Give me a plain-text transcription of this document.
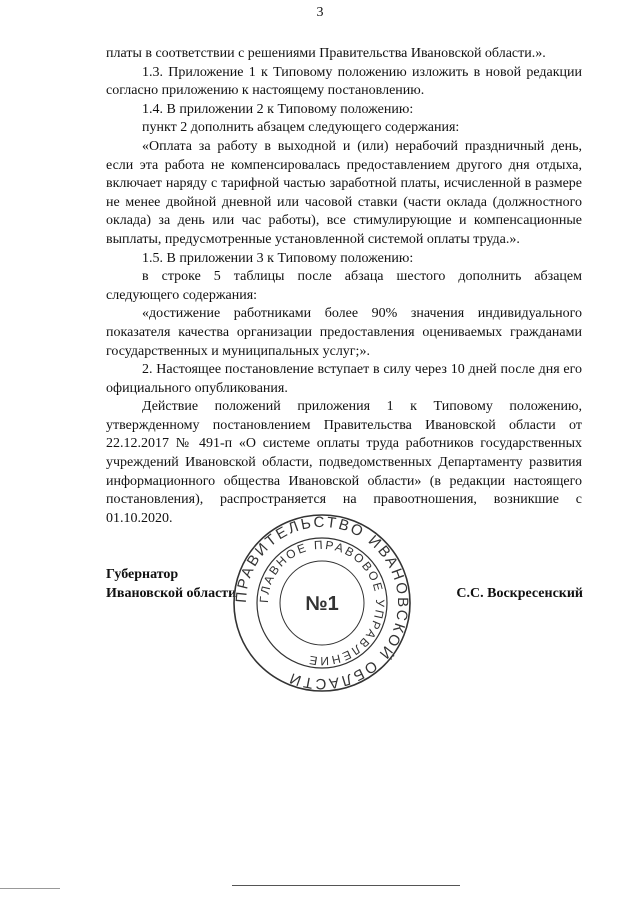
3

платы в соответствии с решениями Правительства Ивановской области.».

1.3. Приложение 1 к Типовому положению изложить в новой редакции согласно приложению к настоящему постановлению.

1.4. В приложении 2 к Типовому положению:

пункт 2 дополнить абзацем следующего содержания:

«Оплата за работу в выходной и (или) нерабочий праздничный день, если эта работа не компенсировалась предоставлением другого дня отдыха, включает наряду с тарифной частью заработной платы, исчисленной в размере не менее двойной дневной или часовой ставки (части оклада (должностного оклада) за день или час работы), все стимулирующие и компенсационные выплаты, предусмотренные установленной системой оплаты труда.».

1.5. В приложении 3 к Типовому положению:

в строке 5 таблицы после абзаца шестого дополнить абзацем следующего содержания:

«достижение работниками более 90% значения индивидуального показателя качества организации предоставления оцениваемых гражданами государственных и муниципальных услуг;».

2. Настоящее постановление вступает в силу через 10 дней после дня его официального опубликования.

Действие положений приложения 1 к Типовому положению, утвержденному постановлением Правительства Ивановской области от 22.12.2017 № 491-п «О системе оплаты труда работников государственных учреждений Ивановской области, подведомственных Департаменту развития информационного общества Ивановской области» (в редакции настоящего постановления), распространяется на правоотношения, возникшие с 01.10.2020.

Губернатор
Ивановской области	С.С. Воскресенский
ПРАВИТЕЛЬСТВО ИВАНОВСКОЙ ОБЛАСТИ
ГЛАВНОЕ ПРАВОВОЕ УПРАВЛЕНИЕ
№1
